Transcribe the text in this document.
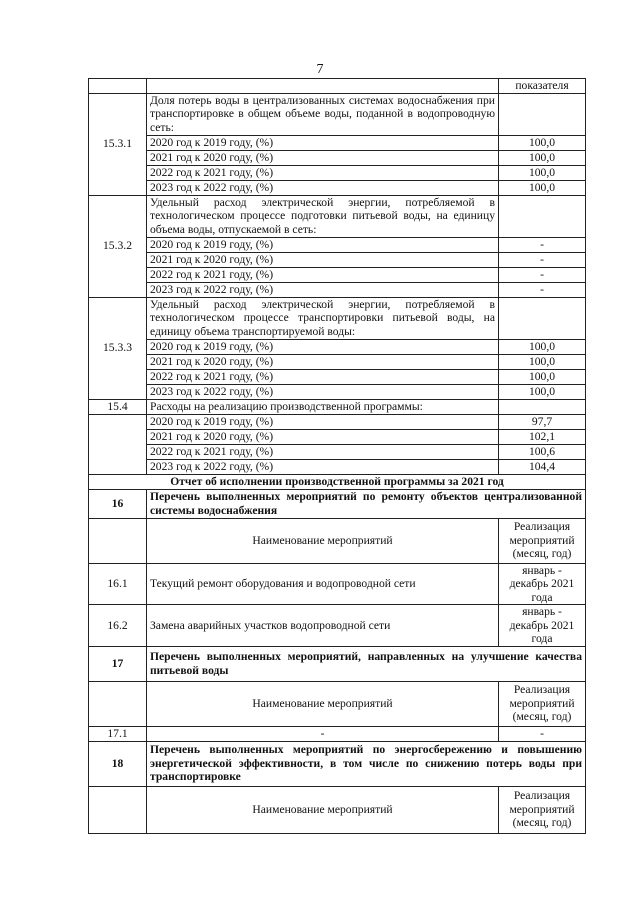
7
		показателя
15.3.1	Доля потерь воды в централизованных системах водоснабжения при транспортировке в общем объеме воды, поданной в водопроводную сеть:	
	2020 год к 2019 году, (%)	100,0
	2021 год к 2020 году, (%)	100,0
	2022 год к 2021 году, (%)	100,0
	2023 год к 2022 году, (%)	100,0
15.3.2	Удельный расход электрической энергии, потребляемой в технологическом процессе подготовки питьевой воды, на единицу объема воды, отпускаемой в сеть:	
	2020 год к 2019 году, (%)	-
	2021 год к 2020 году, (%)	-
	2022 год к 2021 году, (%)	-
	2023 год к 2022 году, (%)	-
15.3.3	Удельный расход электрической энергии, потребляемой в технологическом процессе транспортировки питьевой воды, на единицу объема транспортируемой воды:	
	2020 год к 2019 году, (%)	100,0
	2021 год к 2020 году, (%)	100,0
	2022 год к 2021 году, (%)	100,0
	2023 год к 2022 году, (%)	100,0
15.4	Расходы на реализацию производственной программы:	
	2020 год к 2019 году, (%)	97,7
	2021 год к 2020 году, (%)	102,1
	2022 год к 2021 году, (%)	100,6
	2023 год к 2022 году, (%)	104,4
Отчет об исполнении производственной программы за 2021 год		
16	Перечень выполненных мероприятий по ремонту объектов централизованной системы водоснабжения	
	Наименование мероприятий	Реализация мероприятий (месяц, год)
16.1	Текущий ремонт оборудования и водопроводной сети	январь - декабрь 2021 года
16.2	Замена аварийных участков водопроводной сети	январь - декабрь 2021 года
17	Перечень выполненных мероприятий, направленных на улучшение качества питьевой воды	
	Наименование мероприятий	Реализация мероприятий (месяц, год)
17.1	-	-
18	Перечень выполненных мероприятий по энергосбережению и повышению энергетической эффективности, в том числе по снижению потерь воды при транспортировке	
	Наименование мероприятий	Реализация мероприятий (месяц, год)
